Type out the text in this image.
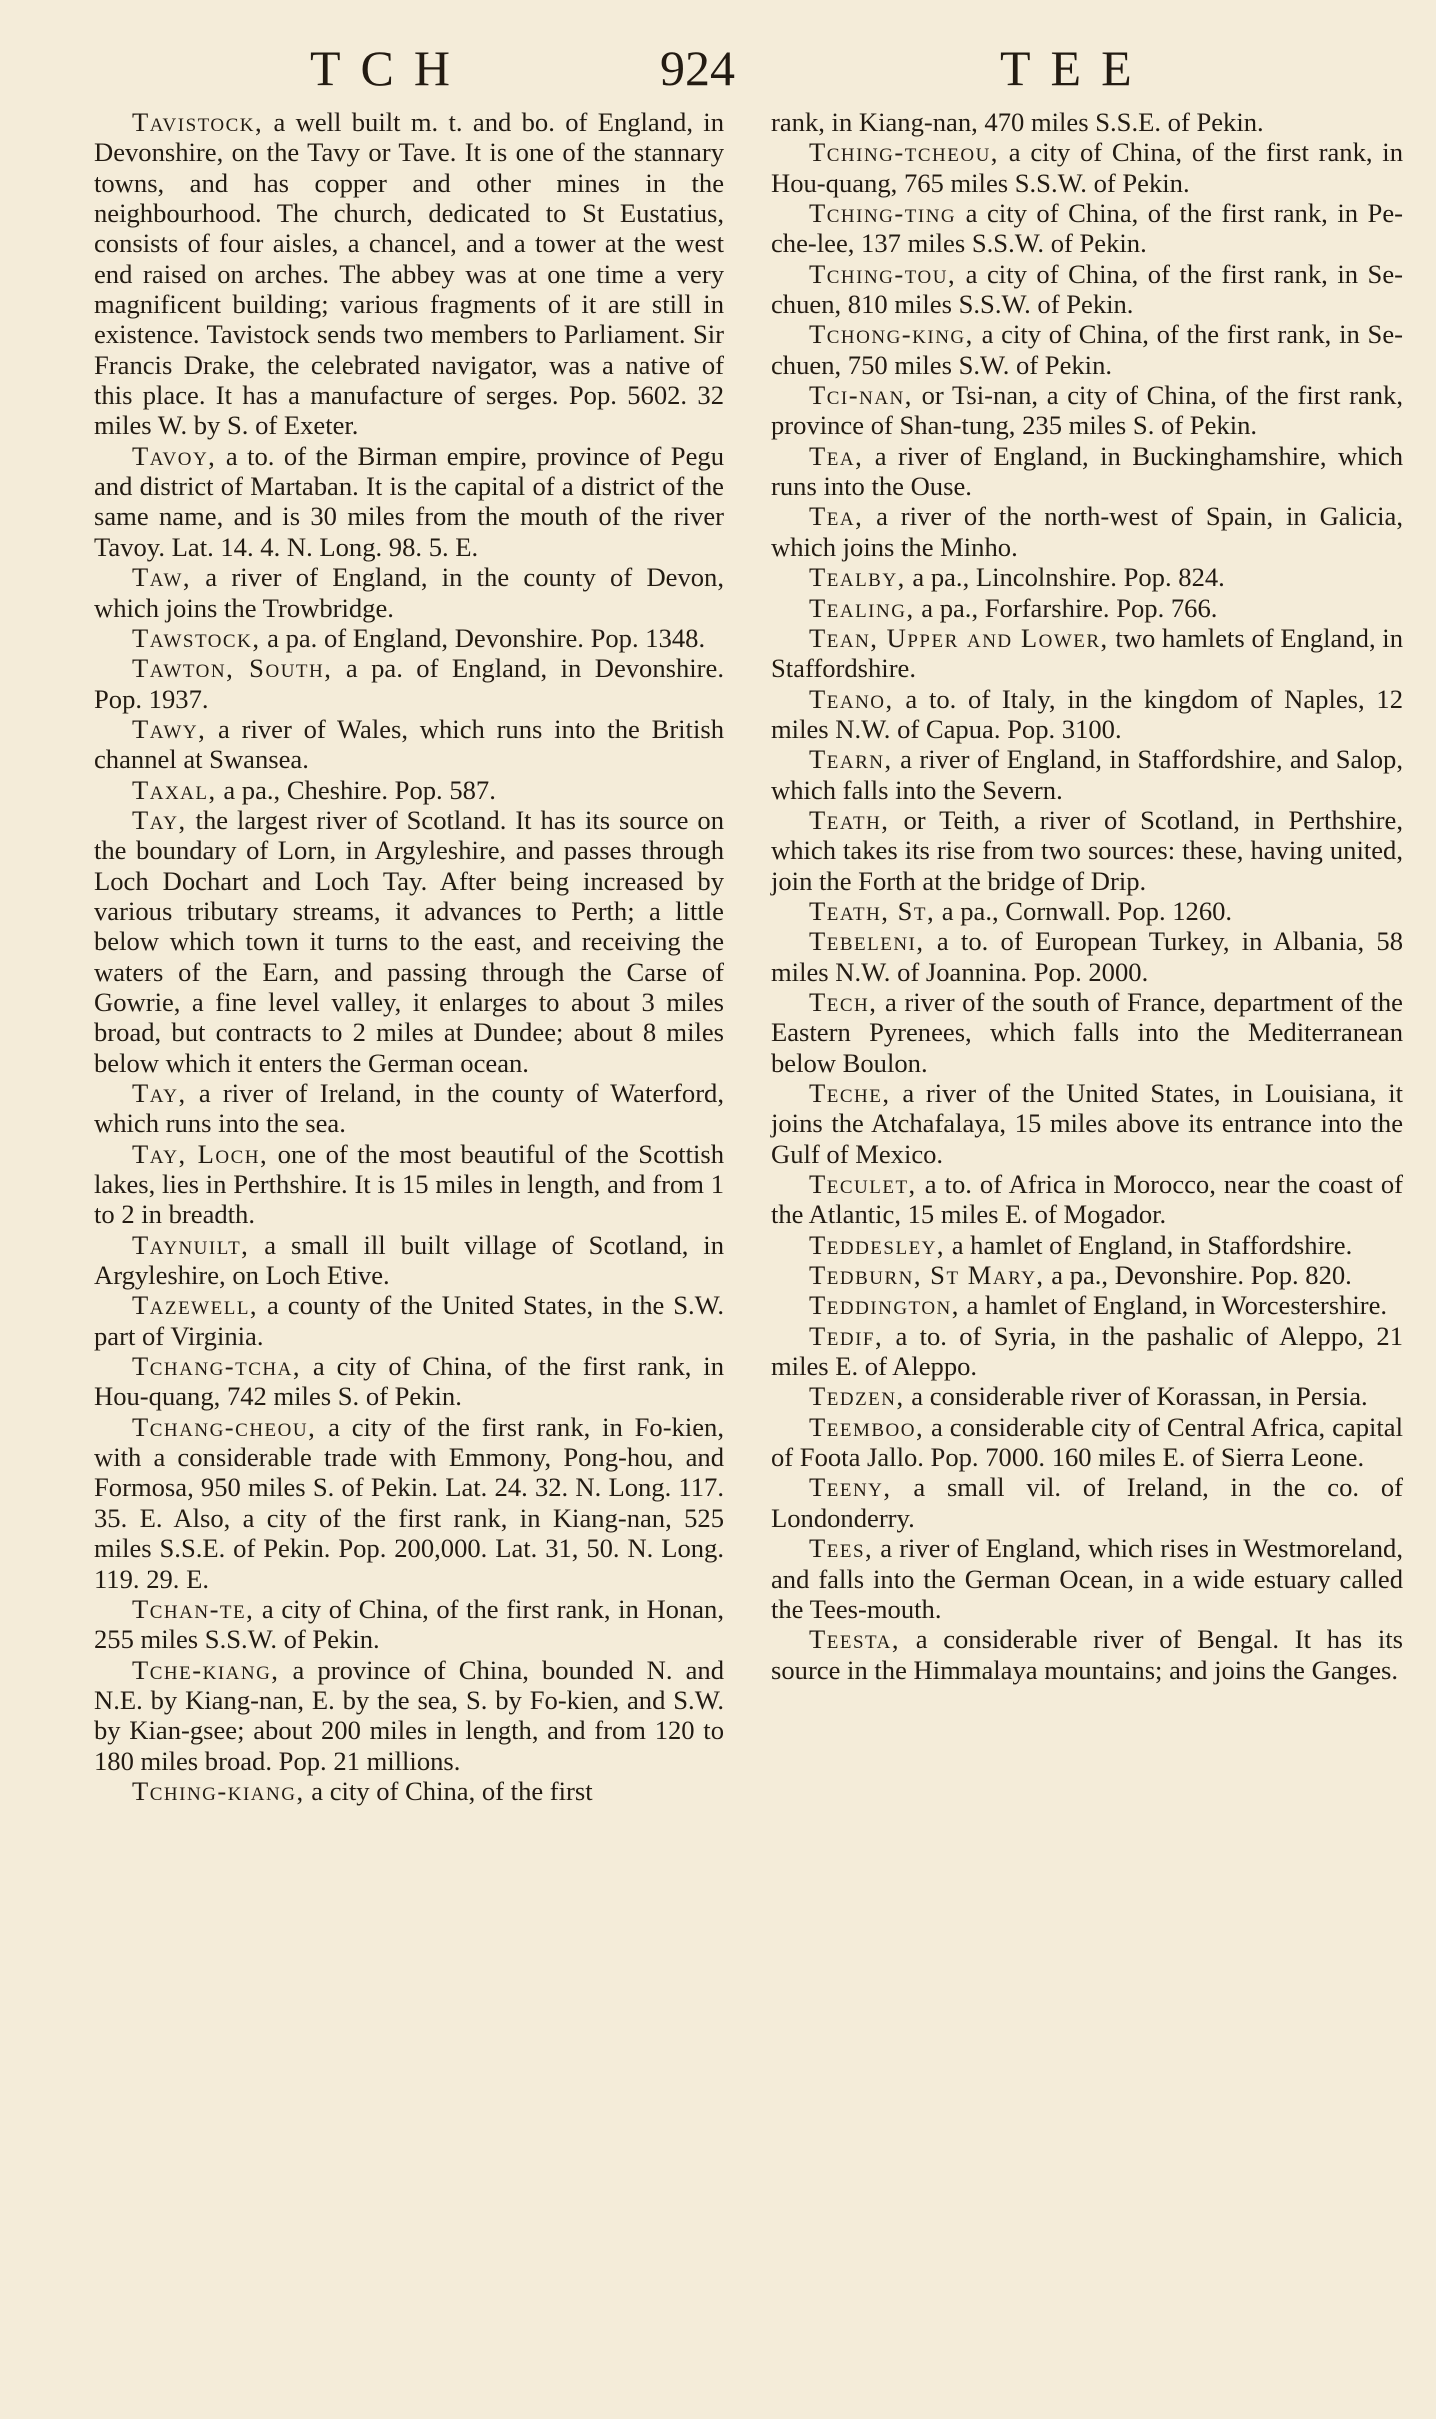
TCH	924	TEE

Tavistock, a well built m. t. and bo. of England, in Devonshire, on the Tavy or Tave. It is one of the stannary towns, and has copper and other mines in the neighbourhood. The church, dedicated to St Eustatius, consists of four aisles, a chancel, and a tower at the west end raised on arches. The abbey was at one time a very magnificent building; various fragments of it are still in existence. Tavistock sends two members to Parliament. Sir Francis Drake, the celebrated navigator, was a native of this place. It has a manufacture of serges. Pop. 5602. 32 miles W. by S. of Exeter.

Tavoy, a to. of the Birman empire, province of Pegu and district of Martaban. It is the capital of a district of the same name, and is 30 miles from the mouth of the river Tavoy. Lat. 14. 4. N. Long. 98. 5. E.

Taw, a river of England, in the county of Devon, which joins the Trowbridge.

Tawstock, a pa. of England, Devonshire. Pop. 1348.

Tawton, South, a pa. of England, in Devonshire. Pop. 1937.

Tawy, a river of Wales, which runs into the British channel at Swansea.

Taxal, a pa., Cheshire. Pop. 587.

Tay, the largest river of Scotland. It has its source on the boundary of Lorn, in Argyleshire, and passes through Loch Dochart and Loch Tay. After being increased by various tributary streams, it advances to Perth; a little below which town it turns to the east, and receiving the waters of the Earn, and passing through the Carse of Gowrie, a fine level valley, it enlarges to about 3 miles broad, but contracts to 2 miles at Dundee; about 8 miles below which it enters the German ocean.

Tay, a river of Ireland, in the county of Waterford, which runs into the sea.

Tay, Loch, one of the most beautiful of the Scottish lakes, lies in Perthshire. It is 15 miles in length, and from 1 to 2 in breadth.

Taynuilt, a small ill built village of Scotland, in Argyleshire, on Loch Etive.

Tazewell, a county of the United States, in the S.W. part of Virginia.

Tchang-tcha, a city of China, of the first rank, in Hou-quang, 742 miles S. of Pekin.

Tchang-cheou, a city of the first rank, in Fo-kien, with a considerable trade with Emmony, Pong-hou, and Formosa, 950 miles S. of Pekin. Lat. 24. 32. N. Long. 117. 35. E. Also, a city of the first rank, in Kiang-nan, 525 miles S.S.E. of Pekin. Pop. 200,000. Lat. 31, 50. N. Long. 119. 29. E.

Tchan-te, a city of China, of the first rank, in Honan, 255 miles S.S.W. of Pekin.

Tche-kiang, a province of China, bounded N. and N.E. by Kiang-nan, E. by the sea, S. by Fo-kien, and S.W. by Kian-gsee; about 200 miles in length, and from 120 to 180 miles broad. Pop. 21 millions.

Tching-kiang, a city of China, of the first

rank, in Kiang-nan, 470 miles S.S.E. of Pekin.

Tching-tcheou, a city of China, of the first rank, in Hou-quang, 765 miles S.S.W. of Pekin.

Tching-ting a city of China, of the first rank, in Pe-che-lee, 137 miles S.S.W. of Pekin.

Tching-tou, a city of China, of the first rank, in Se-chuen, 810 miles S.S.W. of Pekin.

Tchong-king, a city of China, of the first rank, in Se-chuen, 750 miles S.W. of Pekin.

Tci-nan, or Tsi-nan, a city of China, of the first rank, province of Shan-tung, 235 miles S. of Pekin.

Tea, a river of England, in Buckinghamshire, which runs into the Ouse.

Tea, a river of the north-west of Spain, in Galicia, which joins the Minho.

Tealby, a pa., Lincolnshire. Pop. 824.

Tealing, a pa., Forfarshire. Pop. 766.

Tean, Upper and Lower, two hamlets of England, in Staffordshire.

Teano, a to. of Italy, in the kingdom of Naples, 12 miles N.W. of Capua. Pop. 3100.

Tearn, a river of England, in Staffordshire, and Salop, which falls into the Severn.

Teath, or Teith, a river of Scotland, in Perthshire, which takes its rise from two sources: these, having united, join the Forth at the bridge of Drip.

Teath, St, a pa., Cornwall. Pop. 1260.

Tebeleni, a to. of European Turkey, in Albania, 58 miles N.W. of Joannina. Pop. 2000.

Tech, a river of the south of France, department of the Eastern Pyrenees, which falls into the Mediterranean below Boulon.

Teche, a river of the United States, in Louisiana, it joins the Atchafalaya, 15 miles above its entrance into the Gulf of Mexico.

Teculet, a to. of Africa in Morocco, near the coast of the Atlantic, 15 miles E. of Mogador.

Teddesley, a hamlet of England, in Staffordshire.

Tedburn, St Mary, a pa., Devonshire. Pop. 820.

Teddington, a hamlet of England, in Worcestershire.

Tedif, a to. of Syria, in the pashalic of Aleppo, 21 miles E. of Aleppo.

Tedzen, a considerable river of Korassan, in Persia.

Teemboo, a considerable city of Central Africa, capital of Foota Jallo. Pop. 7000. 160 miles E. of Sierra Leone.

Teeny, a small vil. of Ireland, in the co. of Londonderry.

Tees, a river of England, which rises in Westmoreland, and falls into the German Ocean, in a wide estuary called the Tees-mouth.

Teesta, a considerable river of Bengal. It has its source in the Himmalaya mountains; and joins the Ganges.
